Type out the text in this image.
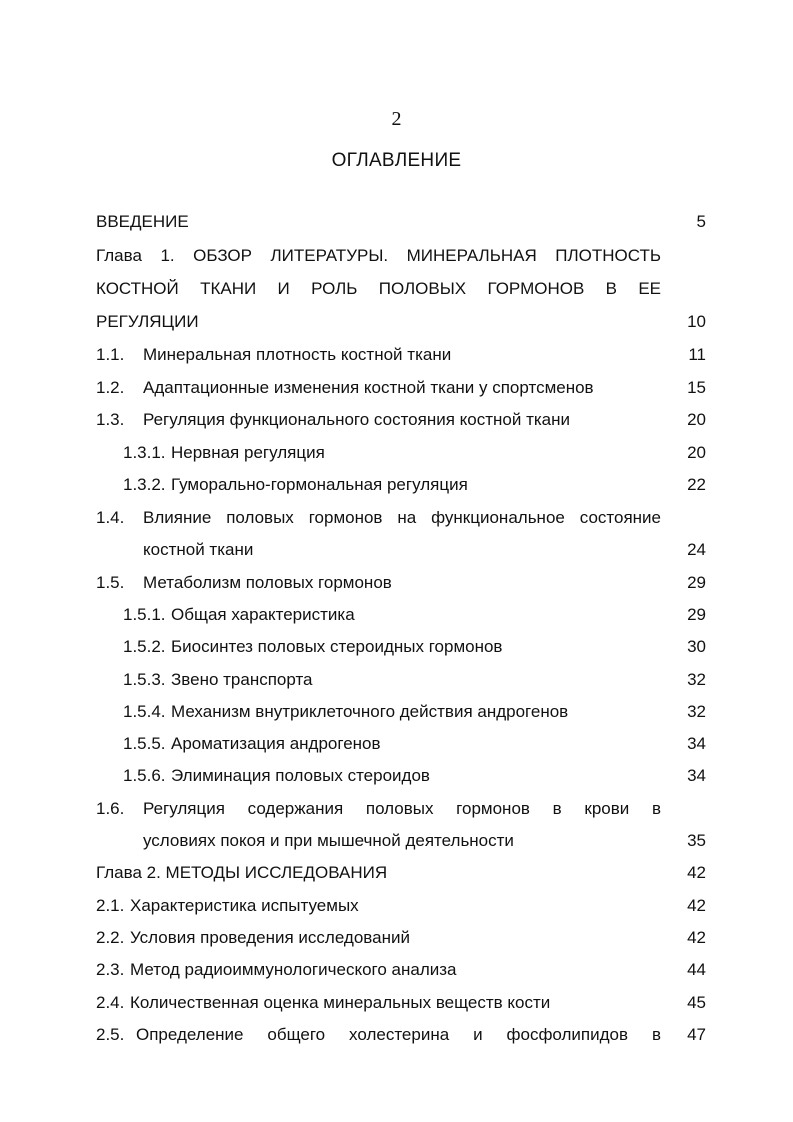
2
ОГЛАВЛЕНИЕ
ВВЕДЕНИЕ	5
Глава 1. ОБЗОР ЛИТЕРАТУРЫ. МИНЕРАЛЬНАЯ ПЛОТНОСТЬ
КОСТНОЙ ТКАНИ И РОЛЬ ПОЛОВЫХ ГОРМОНОВ В ЕЕ
РЕГУЛЯЦИИ	10
1.1. Минеральная плотность костной ткани	11
1.2. Адаптационные изменения костной ткани у спортсменов	15
1.3. Регуляция функционального состояния костной ткани	20
1.3.1. Нервная регуляция	20
1.3.2. Гуморально-гормональная регуляция	22
1.4. Влияние половых гормонов на функциональное состояние
костной ткани	24
1.5. Метаболизм половых гормонов	29
1.5.1. Общая характеристика	29
1.5.2. Биосинтез половых стероидных гормонов	30
1.5.3. Звено транспорта	32
1.5.4. Механизм внутриклеточного действия андрогенов	32
1.5.5. Ароматизация андрогенов	34
1.5.6. Элиминация половых стероидов	34
1.6. Регуляция содержания половых гормонов в крови в
условиях покоя и при мышечной деятельности	35
Глава 2. МЕТОДЫ ИССЛЕДОВАНИЯ	42
2.1. Характеристика испытуемых	42
2.2. Условия проведения исследований	42
2.3. Метод радиоиммунологического анализа	44
2.4. Количественная оценка минеральных веществ кости	45
2.5. Определение общего холестерина и фосфолипидов в	47
